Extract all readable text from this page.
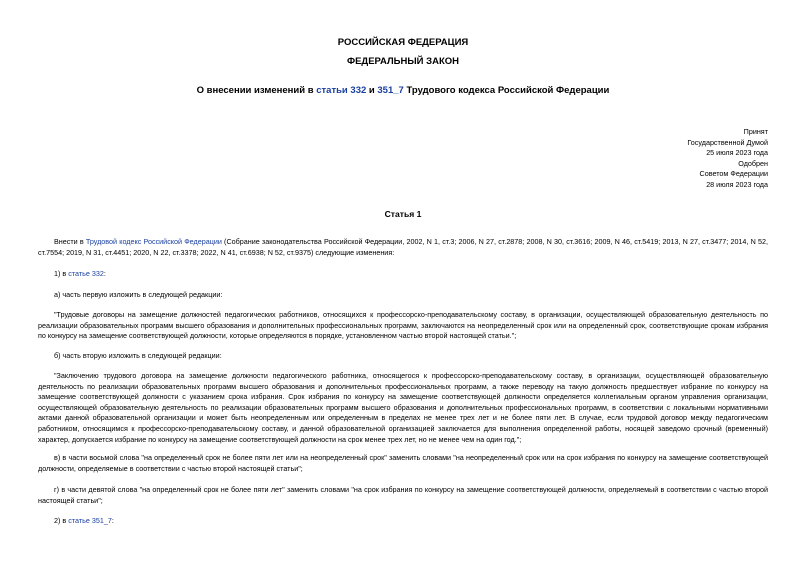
РОССИЙСКАЯ ФЕДЕРАЦИЯ
ФЕДЕРАЛЬНЫЙ ЗАКОН
О внесении изменений в статьи 332 и 351_7 Трудового кодекса Российской Федерации
Принят
Государственной Думой
25 июля 2023 года
Одобрен
Советом Федерации
28 июля 2023 года
Статья 1
Внести в Трудовой кодекс Российской Федерации (Собрание законодательства Российской Федерации, 2002, N 1, ст.3; 2006, N 27, ст.2878; 2008, N 30, ст.3616; 2009, N 46, ст.5419; 2013, N 27, ст.3477; 2014, N 52, ст.7554; 2019, N 31, ст.4451; 2020, N 22, ст.3378; 2022, N 41, ст.6938; N 52, ст.9375) следующие изменения:
1) в статье 332:
а) часть первую изложить в следующей редакции:
"Трудовые договоры на замещение должностей педагогических работников, относящихся к профессорско-преподавательскому составу, в организации, осуществляющей образовательную деятельность по реализации образовательных программ высшего образования и дополнительных профессиональных программ, заключаются на неопределенный срок или на определенный срок, соответствующие срокам избрания по конкурсу на замещение соответствующей должности, которые определяются в порядке, установленном частью второй настоящей статьи.";
б) часть вторую изложить в следующей редакции:
"Заключению трудового договора на замещение должности педагогического работника, относящегося к профессорско-преподавательскому составу, в организации, осуществляющей образовательную деятельность по реализации образовательных программ высшего образования и дополнительных профессиональных программ, а также переводу на такую должность предшествует избрание по конкурсу на замещение соответствующей должности с указанием срока избрания. Срок избрания по конкурсу на замещение соответствующей должности определяется коллегиальным органом управления организации, осуществляющей образовательную деятельность по реализации образовательных программ высшего образования и дополнительных профессиональных программ, в соответствии с локальными нормативными актами данной образовательной организации и может быть неопределенным или определенным в пределах не менее трех лет и не более пяти лет. В случае, если трудовой договор между педагогическим работником, относящимся к профессорско-преподавательскому составу, и данной образовательной организацией заключается для выполнения определенной работы, носящей заведомо срочный (временный) характер, допускается избрание по конкурсу на замещение соответствующей должности на срок менее трех лет, но не менее чем на один год.";
в) в части восьмой слова "на определенный срок не более пяти лет или на неопределенный срок" заменить словами "на неопределенный срок или на срок избрания по конкурсу на замещение соответствующей должности, определяемые в соответствии с частью второй настоящей статьи";
г) в части девятой слова "на определенный срок не более пяти лет" заменить словами "на срок избрания по конкурсу на замещение соответствующей должности, определяемый в соответствии с частью второй настоящей статьи";
2) в статье 351_7:
